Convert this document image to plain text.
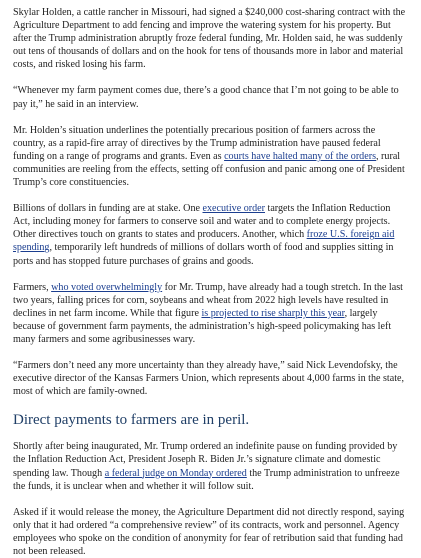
Skylar Holden, a cattle rancher in Missouri, had signed a $240,000 cost-sharing contract with the Agriculture Department to add fencing and improve the watering system for his property. But after the Trump administration abruptly froze federal funding, Mr. Holden said, he was suddenly out tens of thousands of dollars and on the hook for tens of thousands more in labor and material costs, and risked losing his farm.

“Whenever my farm payment comes due, there’s a good chance that I’m not going to be able to pay it,” he said in an interview.

Mr. Holden’s situation underlines the potentially precarious position of farmers across the country, as a rapid-fire array of directives by the Trump administration have paused federal funding on a range of programs and grants. Even as courts have halted many of the orders, rural communities are reeling from the effects, setting off confusion and panic among one of President Trump’s core constituencies.

Billions of dollars in funding are at stake. One executive order targets the Inflation Reduction Act, including money for farmers to conserve soil and water and to complete energy projects. Other directives touch on grants to states and producers. Another, which froze U.S. foreign aid spending, temporarily left hundreds of millions of dollars worth of food and supplies sitting in ports and has stopped future purchases of grains and goods.

Farmers, who voted overwhelmingly for Mr. Trump, have already had a tough stretch. In the last two years, falling prices for corn, soybeans and wheat from 2022 high levels have resulted in declines in net farm income. While that figure is projected to rise sharply this year, largely because of government farm payments, the administration’s high-speed policymaking has left many farmers and some agribusinesses wary.

“Farmers don’t need any more uncertainty than they already have,” said Nick Levendofsky, the executive director of the Kansas Farmers Union, which represents about 4,000 farms in the state, most of which are family-owned.

Direct payments to farmers are in peril.

Shortly after being inaugurated, Mr. Trump ordered an indefinite pause on funding provided by the Inflation Reduction Act, President Joseph R. Biden Jr.’s signature climate and domestic spending law. Though a federal judge on Monday ordered the Trump administration to unfreeze the funds, it is unclear when and whether it will follow suit.

Asked if it would release the money, the Agriculture Department did not directly respond, saying only that it had ordered “a comprehensive review” of its contracts, work and personnel. Agency employees who spoke on the condition of anonymity for fear of retribution said that funding had not been released.
